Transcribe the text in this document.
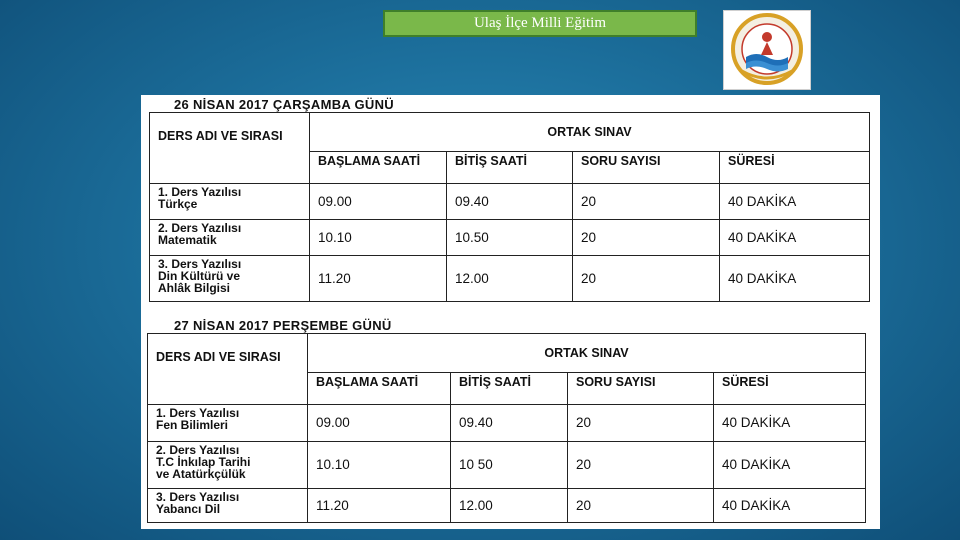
Ulaş İlçe Milli Eğitim
26 NİSAN 2017 ÇARŞAMBA GÜNÜ
DERS ADI VE SIRASI	ORTAK SINAV			
	BAŞLAMA SAATİ	BİTİŞ SAATİ	SORU SAYISI	SÜRESİ

1. Ders Yazılısı
Türkçe	09.00	09.40	20	40 DAKİKA

2. Ders Yazılısı
Matematik	10.10	10.50	20	40 DAKİKA

3. Ders Yazılısı
Din Kültürü ve
Ahlâk Bilgisi	11.20	12.00	20	40 DAKİKA
27 NİSAN 2017 PERŞEMBE GÜNÜ
DERS ADI VE SIRASI	ORTAK SINAV			
	BAŞLAMA SAATİ	BİTİŞ SAATİ	SORU SAYISI	SÜRESİ

1. Ders Yazılısı
Fen Bilimleri	09.00	09.40	20	40 DAKİKA

2. Ders Yazılısı
T.C İnkılap Tarihi
ve Atatürkçülük	10.10	10 50	20	40 DAKİKA

3. Ders Yazılısı
Yabancı Dil	11.20	12.00	20	40 DAKİKA
